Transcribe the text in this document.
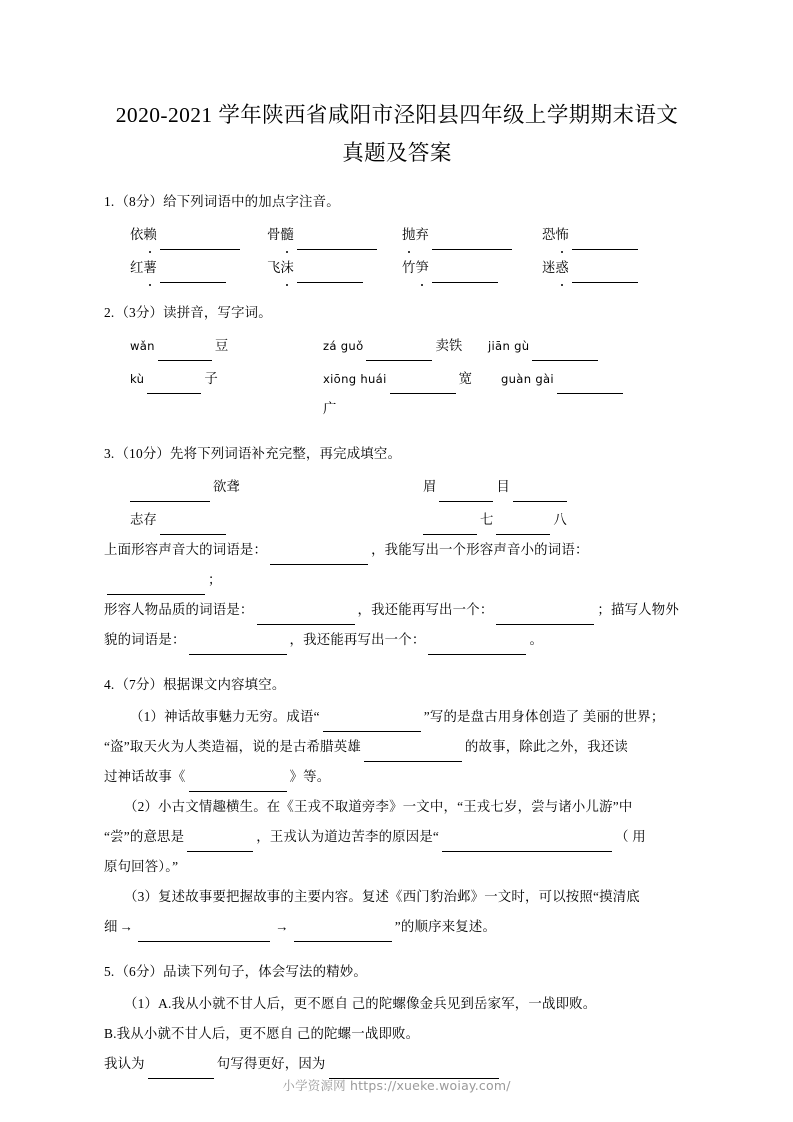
2020-2021 学年陕西省咸阳市泾阳县四年级上学期期末语文
真题及答案

1.（8分）给下列词语中的加点字注音。

依 赖	骨 髓	抛 弃	恐 怖
红 薯	飞 沫	竹 笋	迷 惑

2.（3分）读拼音，写字词。

wǎn	豆	zá guǒ	卖铁 jiān gù
kù	子	xiōng huái	宽	guàn gài
广

3.（10分）先将下列词语补充完整，再完成填空。

欲聋	眉	目
志存	七	八

上面形容声音大的词语是：	，我能写出一个形容声音小的词语：；

形容人物品质的词语是：	，我还能再写出一个：	；描写人物外

貌的词语是：	，我还能再写出一个：	。

4.（7分）根据课文内容填空。

（1）神话故事魅力无穷。成语“	”写的是盘古用身体创造了 美丽的世界；

“盗”取天火为人类造福，说的是古希腊英雄	的故事，除此之外，我还读

过神话故事《	》等。

（2）小古文情趣横生。在《王戎不取道旁李》一文中，“王戎七岁，尝与诸小儿游”中

“尝”的意思是	，王戎认为道边苦李的原因是“	（ 用

原句回答）。”

（3）复述故事要把握故事的主要内容。复述《西门豹治邺》一文时，可以按照“摸清底

细 →	→	”的顺序来复述。

5.（6分）品读下列句子，体会写法的精妙。

（1）A.我从小就不甘人后，更不愿自 己的陀螺像金兵见到岳家军，一战即败。

B.我从小就不甘人后，更不愿自 己的陀螺一战即败。

我认为	句写得更好，因为

小学资源网 https://xueke.woiay.com/
